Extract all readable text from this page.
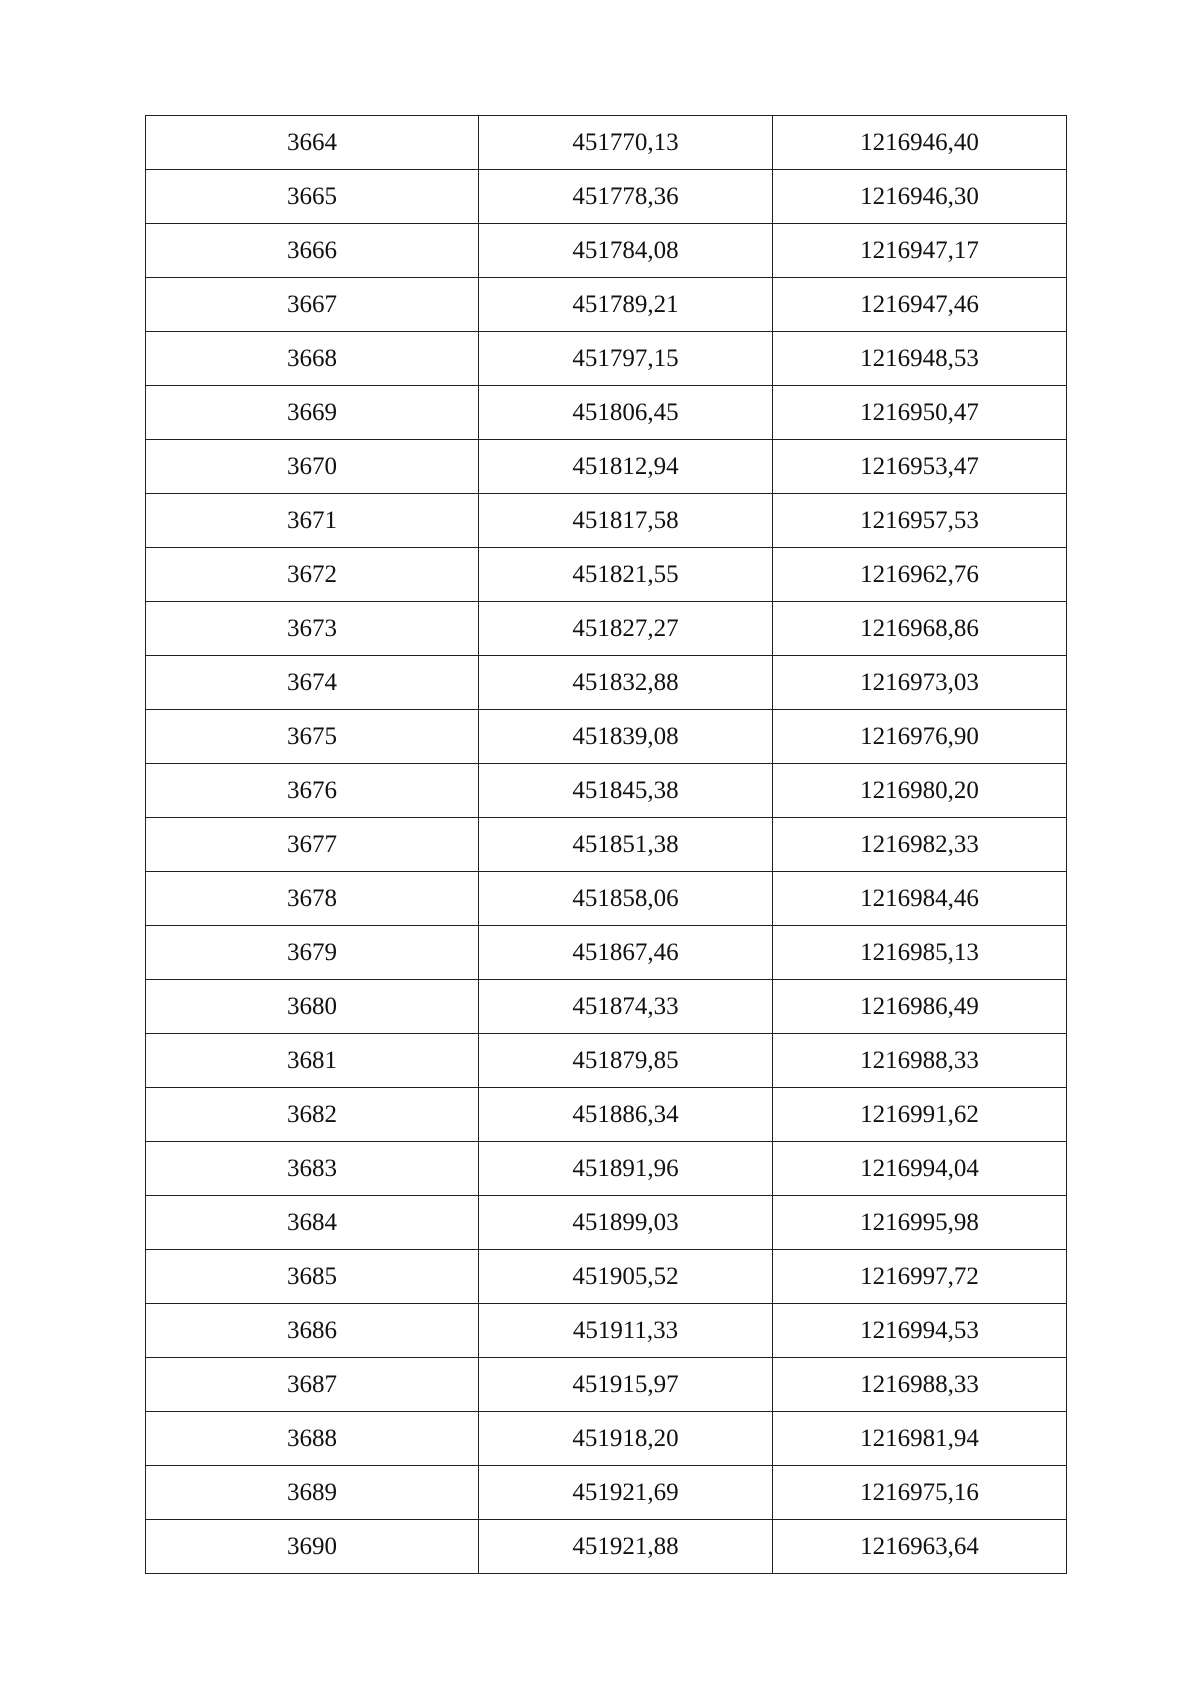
3664	451770,13	1216946,40
3665	451778,36	1216946,30
3666	451784,08	1216947,17
3667	451789,21	1216947,46
3668	451797,15	1216948,53
3669	451806,45	1216950,47
3670	451812,94	1216953,47
3671	451817,58	1216957,53
3672	451821,55	1216962,76
3673	451827,27	1216968,86
3674	451832,88	1216973,03
3675	451839,08	1216976,90
3676	451845,38	1216980,20
3677	451851,38	1216982,33
3678	451858,06	1216984,46
3679	451867,46	1216985,13
3680	451874,33	1216986,49
3681	451879,85	1216988,33
3682	451886,34	1216991,62
3683	451891,96	1216994,04
3684	451899,03	1216995,98
3685	451905,52	1216997,72
3686	451911,33	1216994,53
3687	451915,97	1216988,33
3688	451918,20	1216981,94
3689	451921,69	1216975,16
3690	451921,88	1216963,64
